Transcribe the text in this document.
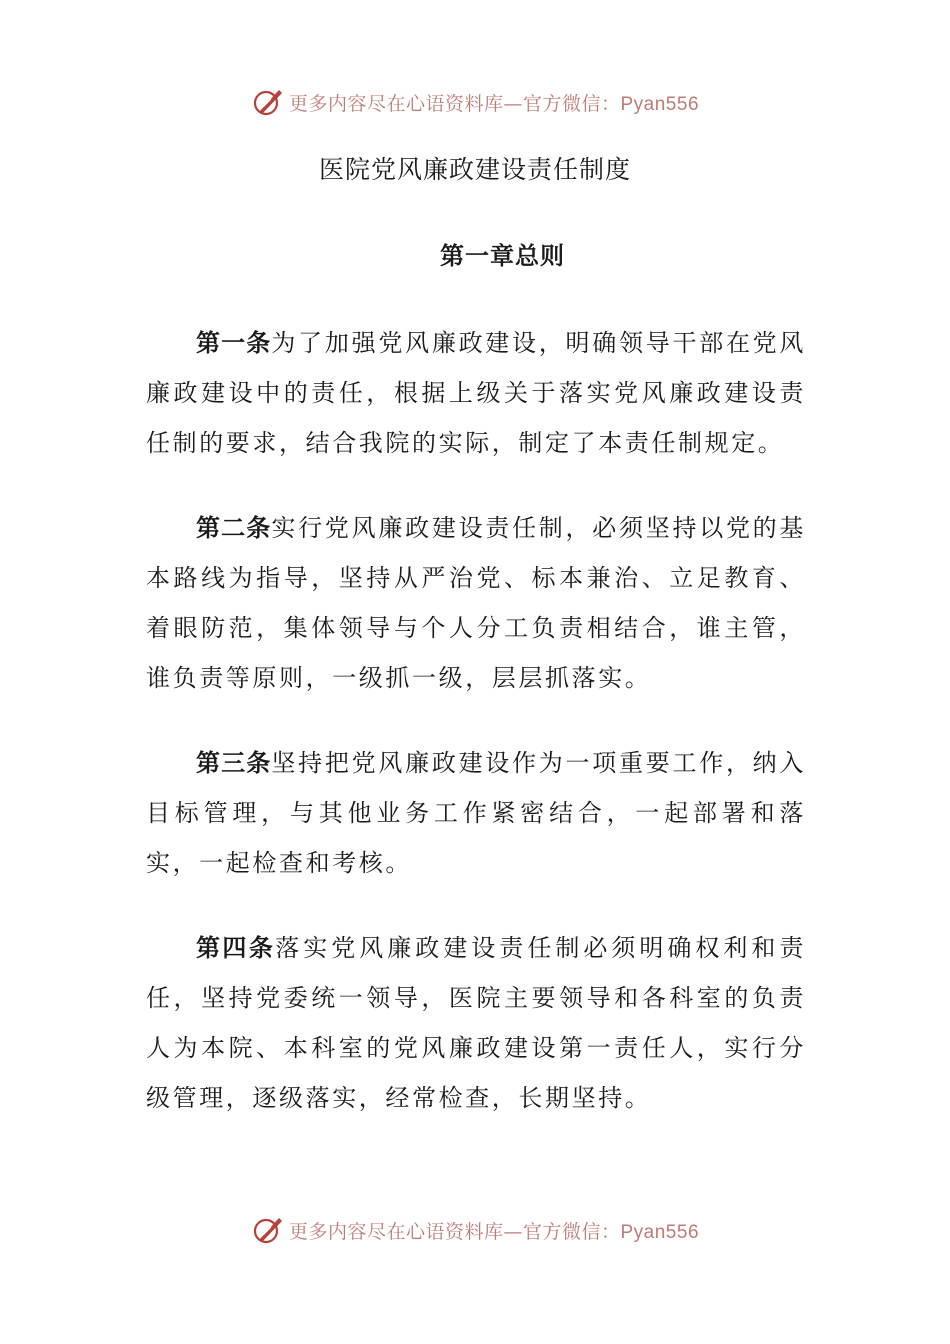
更多内容尽在心语资料库—官方微信：Pyan556
医院党风廉政建设责任制度
第一章总则

第一条为了加强党风廉政建设，明确领导干部在党风廉政建设中的责任，根据上级关于落实党风廉政建设责任制的要求，结合我院的实际，制定了本责任制规定。

第二条实行党风廉政建设责任制，必须坚持以党的基本路线为指导，坚持从严治党、标本兼治、立足教育、着眼防范，集体领导与个人分工负责相结合，谁主管，谁负责等原则，一级抓一级，层层抓落实。

第三条坚持把党风廉政建设作为一项重要工作，纳入目标管理，与其他业务工作紧密结合，一起部署和落实，一起检查和考核。

第四条落实党风廉政建设责任制必须明确权利和责任，坚持党委统一领导，医院主要领导和各科室的负责人为本院、本科室的党风廉政建设第一责任人，实行分级管理，逐级落实，经常检查，长期坚持。

更多内容尽在心语资料库—官方微信：Pyan556
